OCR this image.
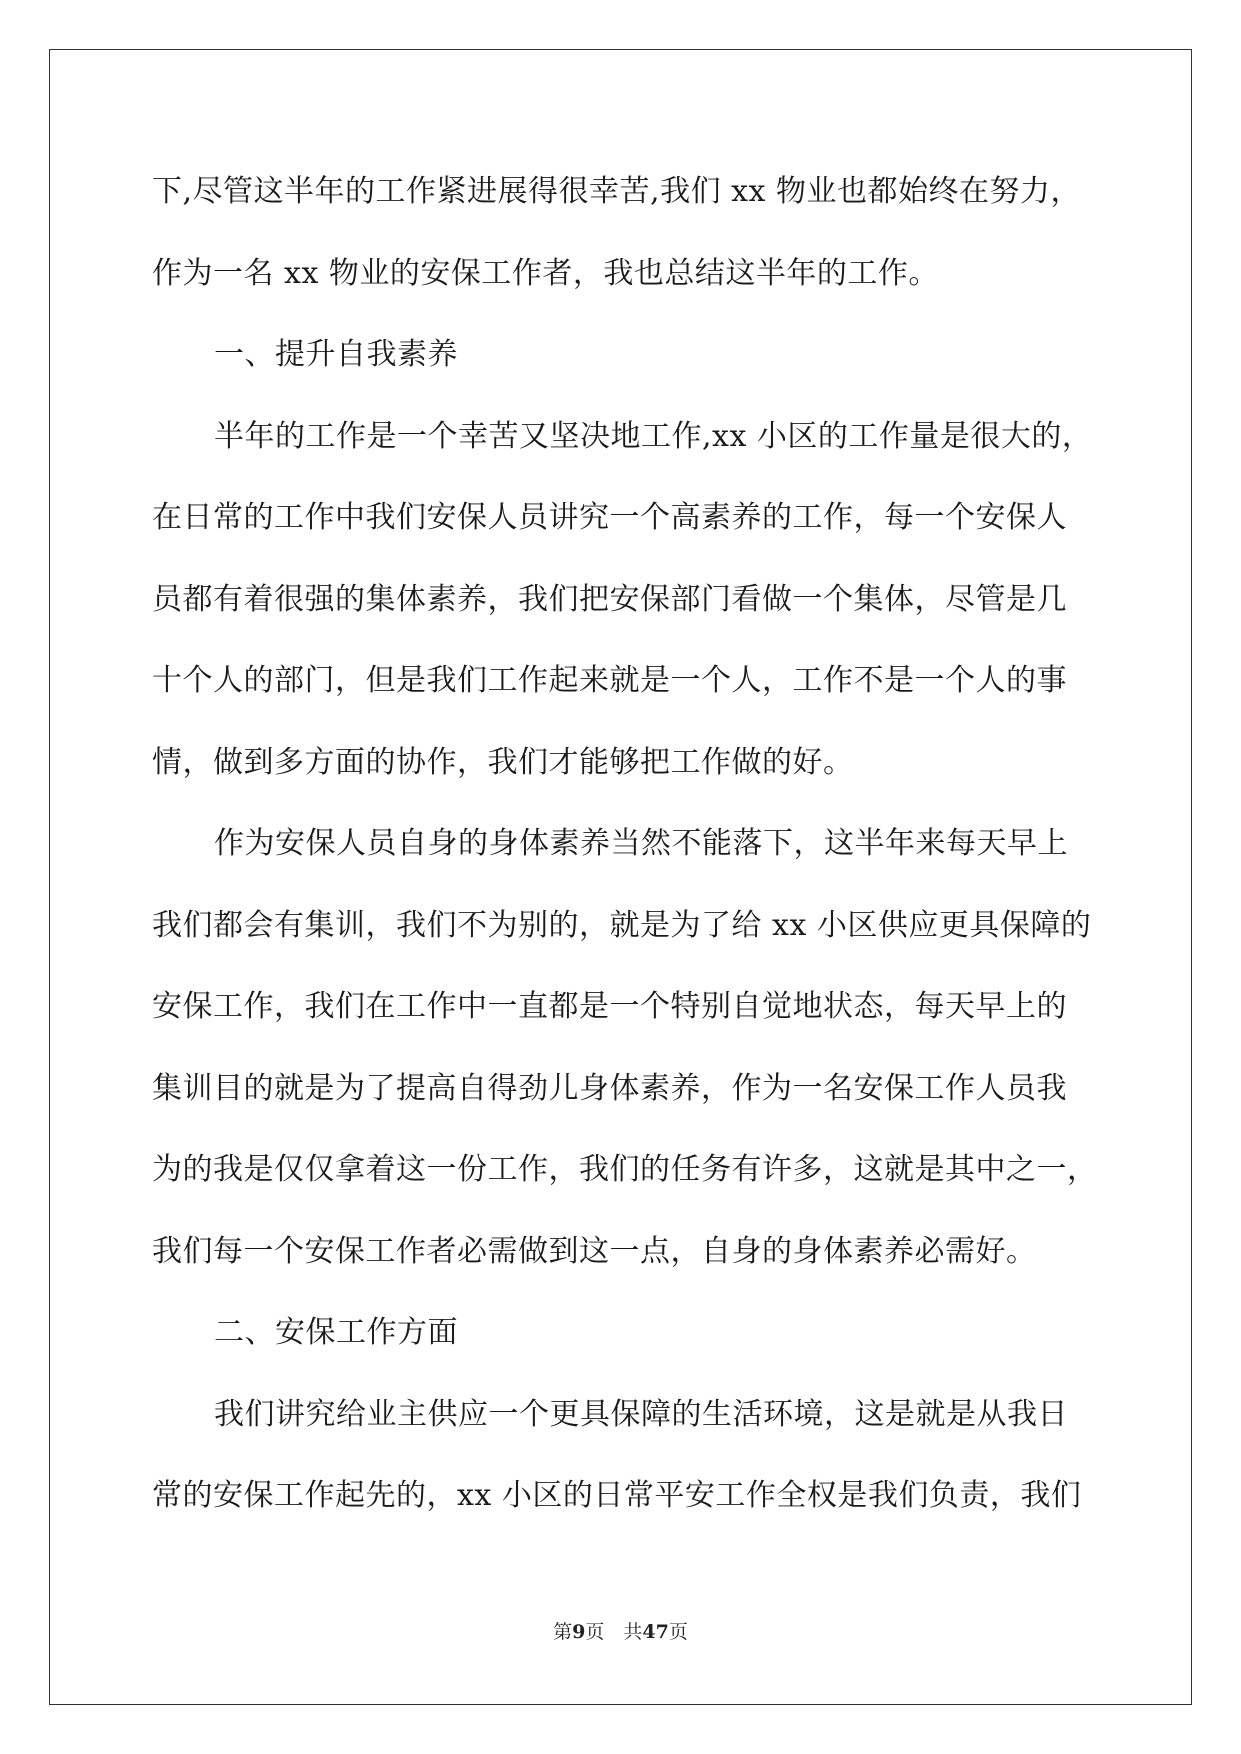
下,尽管这半年的工作紧进展得很幸苦,我们 xx 物业也都始终在努力，
作为一名 xx 物业的安保工作者，我也总结这半年的工作。
一、提升自我素养
半年的工作是一个幸苦又坚决地工作,xx 小区的工作量是很大的，
在日常的工作中我们安保人员讲究一个高素养的工作，每一个安保人
员都有着很强的集体素养，我们把安保部门看做一个集体，尽管是几
十个人的部门，但是我们工作起来就是一个人，工作不是一个人的事
情，做到多方面的协作，我们才能够把工作做的好。
作为安保人员自身的身体素养当然不能落下，这半年来每天早上
我们都会有集训，我们不为别的，就是为了给 xx 小区供应更具保障的
安保工作，我们在工作中一直都是一个特别自觉地状态，每天早上的
集训目的就是为了提高自得劲儿身体素养，作为一名安保工作人员我
为的我是仅仅拿着这一份工作，我们的任务有许多，这就是其中之一，
我们每一个安保工作者必需做到这一点，自身的身体素养必需好。
二、安保工作方面
我们讲究给业主供应一个更具保障的生活环境，这是就是从我日
常的安保工作起先的，xx 小区的日常平安工作全权是我们负责，我们
第9页　共47页
